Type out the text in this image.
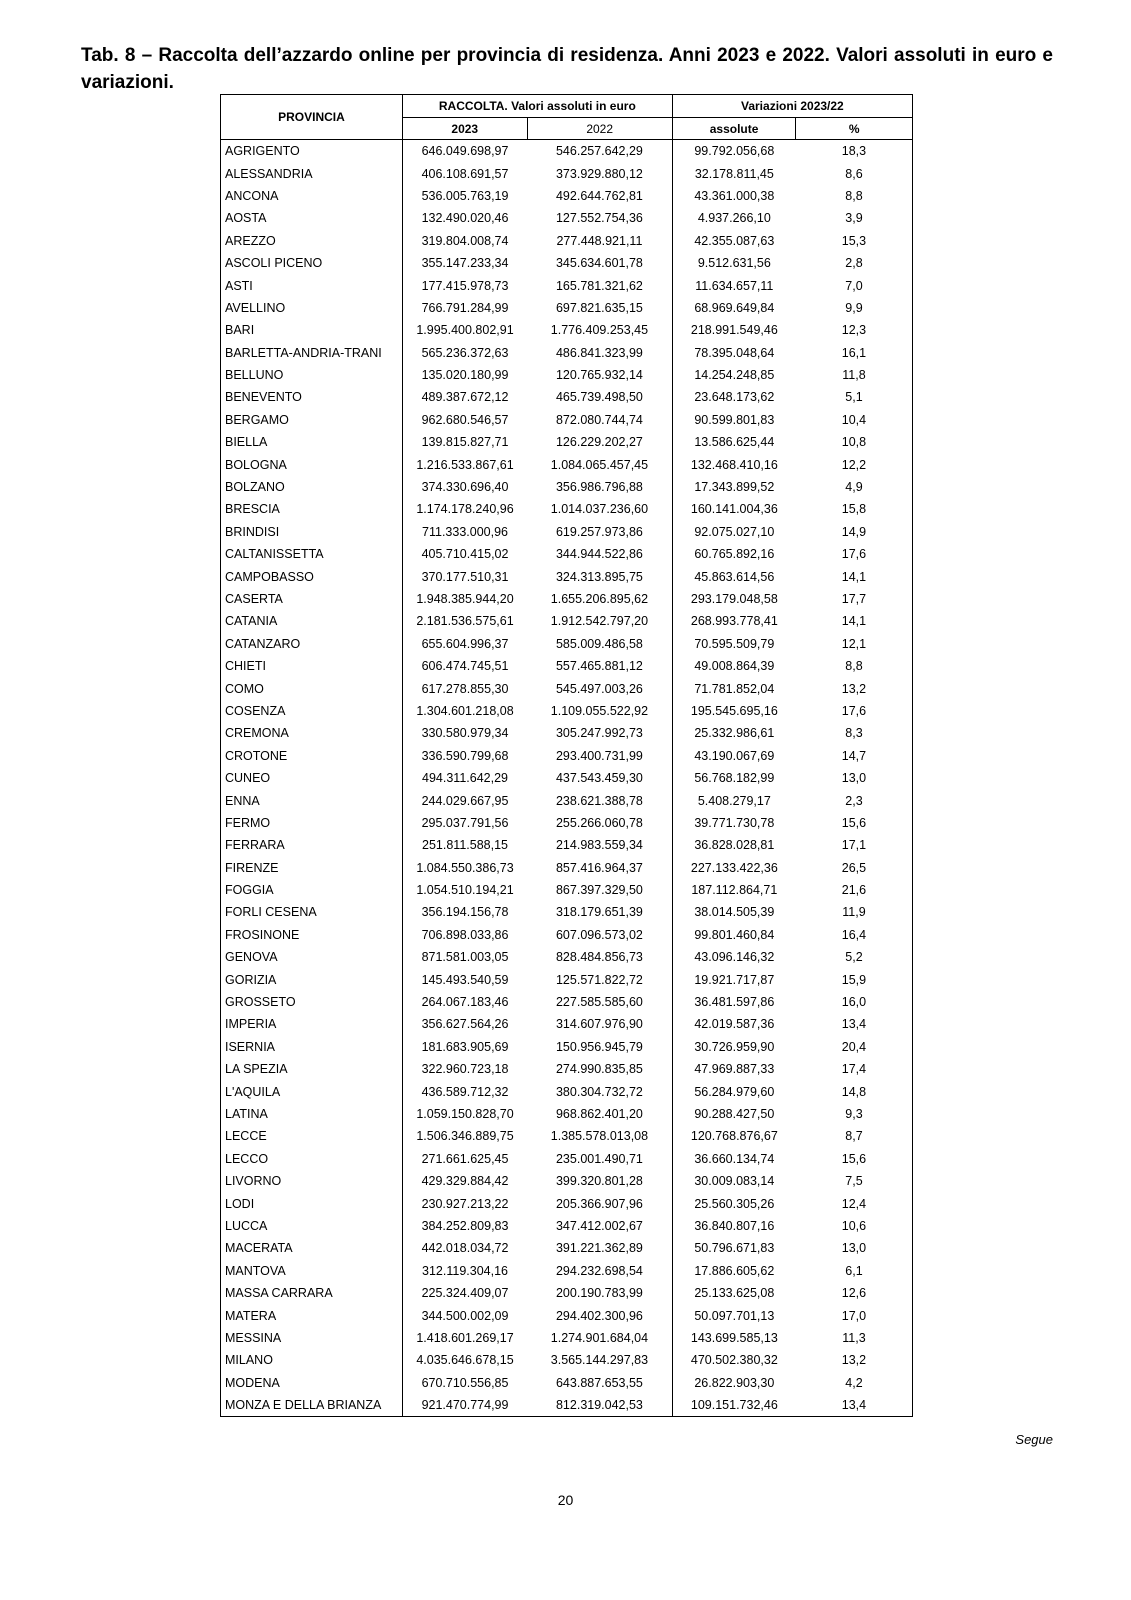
Tab. 8 – Raccolta dell’azzardo online per provincia di residenza. Anni 2023 e 2022. Valori assoluti in euro e variazioni.
PROVINCIA	RACCOLTA. Valori assoluti in euro		Variazioni 2023/22	
	2023	2022	assolute	%
AGRIGENTO	646.049.698,97	546.257.642,29	99.792.056,68	18,3
ALESSANDRIA	406.108.691,57	373.929.880,12	32.178.811,45	8,6
ANCONA	536.005.763,19	492.644.762,81	43.361.000,38	8,8
AOSTA	132.490.020,46	127.552.754,36	4.937.266,10	3,9
AREZZO	319.804.008,74	277.448.921,11	42.355.087,63	15,3
ASCOLI PICENO	355.147.233,34	345.634.601,78	9.512.631,56	2,8
ASTI	177.415.978,73	165.781.321,62	11.634.657,11	7,0
AVELLINO	766.791.284,99	697.821.635,15	68.969.649,84	9,9
BARI	1.995.400.802,91	1.776.409.253,45	218.991.549,46	12,3
BARLETTA-ANDRIA-TRANI	565.236.372,63	486.841.323,99	78.395.048,64	16,1
BELLUNO	135.020.180,99	120.765.932,14	14.254.248,85	11,8
BENEVENTO	489.387.672,12	465.739.498,50	23.648.173,62	5,1
BERGAMO	962.680.546,57	872.080.744,74	90.599.801,83	10,4
BIELLA	139.815.827,71	126.229.202,27	13.586.625,44	10,8
BOLOGNA	1.216.533.867,61	1.084.065.457,45	132.468.410,16	12,2
BOLZANO	374.330.696,40	356.986.796,88	17.343.899,52	4,9
BRESCIA	1.174.178.240,96	1.014.037.236,60	160.141.004,36	15,8
BRINDISI	711.333.000,96	619.257.973,86	92.075.027,10	14,9
CALTANISSETTA	405.710.415,02	344.944.522,86	60.765.892,16	17,6
CAMPOBASSO	370.177.510,31	324.313.895,75	45.863.614,56	14,1
CASERTA	1.948.385.944,20	1.655.206.895,62	293.179.048,58	17,7
CATANIA	2.181.536.575,61	1.912.542.797,20	268.993.778,41	14,1
CATANZARO	655.604.996,37	585.009.486,58	70.595.509,79	12,1
CHIETI	606.474.745,51	557.465.881,12	49.008.864,39	8,8
COMO	617.278.855,30	545.497.003,26	71.781.852,04	13,2
COSENZA	1.304.601.218,08	1.109.055.522,92	195.545.695,16	17,6
CREMONA	330.580.979,34	305.247.992,73	25.332.986,61	8,3
CROTONE	336.590.799,68	293.400.731,99	43.190.067,69	14,7
CUNEO	494.311.642,29	437.543.459,30	56.768.182,99	13,0
ENNA	244.029.667,95	238.621.388,78	5.408.279,17	2,3
FERMO	295.037.791,56	255.266.060,78	39.771.730,78	15,6
FERRARA	251.811.588,15	214.983.559,34	36.828.028,81	17,1
FIRENZE	1.084.550.386,73	857.416.964,37	227.133.422,36	26,5
FOGGIA	1.054.510.194,21	867.397.329,50	187.112.864,71	21,6
FORLI CESENA	356.194.156,78	318.179.651,39	38.014.505,39	11,9
FROSINONE	706.898.033,86	607.096.573,02	99.801.460,84	16,4
GENOVA	871.581.003,05	828.484.856,73	43.096.146,32	5,2
GORIZIA	145.493.540,59	125.571.822,72	19.921.717,87	15,9
GROSSETO	264.067.183,46	227.585.585,60	36.481.597,86	16,0
IMPERIA	356.627.564,26	314.607.976,90	42.019.587,36	13,4
ISERNIA	181.683.905,69	150.956.945,79	30.726.959,90	20,4
LA SPEZIA	322.960.723,18	274.990.835,85	47.969.887,33	17,4
L'AQUILA	436.589.712,32	380.304.732,72	56.284.979,60	14,8
LATINA	1.059.150.828,70	968.862.401,20	90.288.427,50	9,3
LECCE	1.506.346.889,75	1.385.578.013,08	120.768.876,67	8,7
LECCO	271.661.625,45	235.001.490,71	36.660.134,74	15,6
LIVORNO	429.329.884,42	399.320.801,28	30.009.083,14	7,5
LODI	230.927.213,22	205.366.907,96	25.560.305,26	12,4
LUCCA	384.252.809,83	347.412.002,67	36.840.807,16	10,6
MACERATA	442.018.034,72	391.221.362,89	50.796.671,83	13,0
MANTOVA	312.119.304,16	294.232.698,54	17.886.605,62	6,1
MASSA CARRARA	225.324.409,07	200.190.783,99	25.133.625,08	12,6
MATERA	344.500.002,09	294.402.300,96	50.097.701,13	17,0
MESSINA	1.418.601.269,17	1.274.901.684,04	143.699.585,13	11,3
MILANO	4.035.646.678,15	3.565.144.297,83	470.502.380,32	13,2
MODENA	670.710.556,85	643.887.653,55	26.822.903,30	4,2
MONZA E DELLA BRIANZA	921.470.774,99	812.319.042,53	109.151.732,46	13,4
Segue
20
